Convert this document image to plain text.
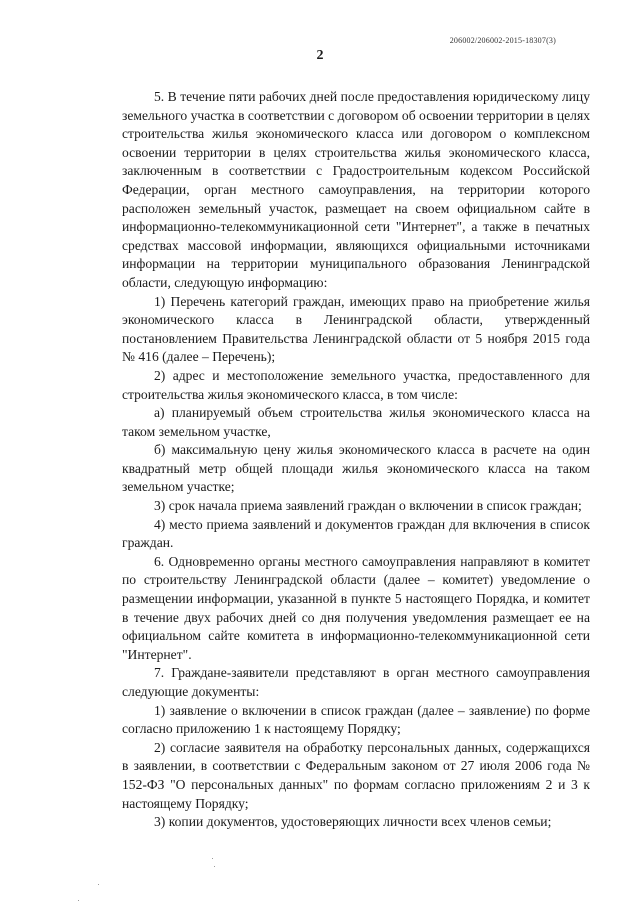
206002/206002-2015-18307(3)
2

5. В течение пяти рабочих дней после предоставления юридическому лицу земельного участка в соответствии с договором об освоении территории в целях строительства жилья экономического класса или договором о комплексном освоении территории в целях строительства жилья экономического класса, заключенным в соответствии с Градостроительным кодексом Российской Федерации, орган местного самоуправления, на территории которого расположен земельный участок, размещает на своем официальном сайте в информационно-телекоммуникационной сети "Интернет", а также в печатных средствах массовой информации, являющихся официальными источниками информации на территории муниципального образования Ленинградской области, следующую информацию:

1) Перечень категорий граждан, имеющих право на приобретение жилья экономического класса в Ленинградской области, утвержденный постановлением Правительства Ленинградской области от 5 ноября 2015 года № 416 (далее – Перечень);

2) адрес и местоположение земельного участка, предоставленного для строительства жилья экономического класса, в том числе:

а) планируемый объем строительства жилья экономического класса на таком земельном участке,

б) максимальную цену жилья экономического класса в расчете на один квадратный метр общей площади жилья экономического класса на таком земельном участке;

3) срок начала приема заявлений граждан о включении в список граждан;

4) место приема заявлений и документов граждан для включения в список граждан.

6. Одновременно органы местного самоуправления направляют в комитет по строительству Ленинградской области (далее – комитет) уведомление о размещении информации, указанной в пункте 5 настоящего Порядка, и комитет в течение двух рабочих дней со дня получения уведомления размещает ее на официальном сайте комитета в информационно-телекоммуникационной сети "Интернет".

7. Граждане-заявители представляют в орган местного самоуправления следующие документы:

1) заявление о включении в список граждан (далее – заявление) по форме согласно приложению 1 к настоящему Порядку;

2) согласие заявителя на обработку персональных данных, содержащихся в заявлении, в соответствии с Федеральным законом от 27 июля 2006 года № 152-ФЗ "О персональных данных" по формам согласно приложениям 2 и 3 к настоящему Порядку;

3) копии документов, удостоверяющих личности всех членов семьи;
